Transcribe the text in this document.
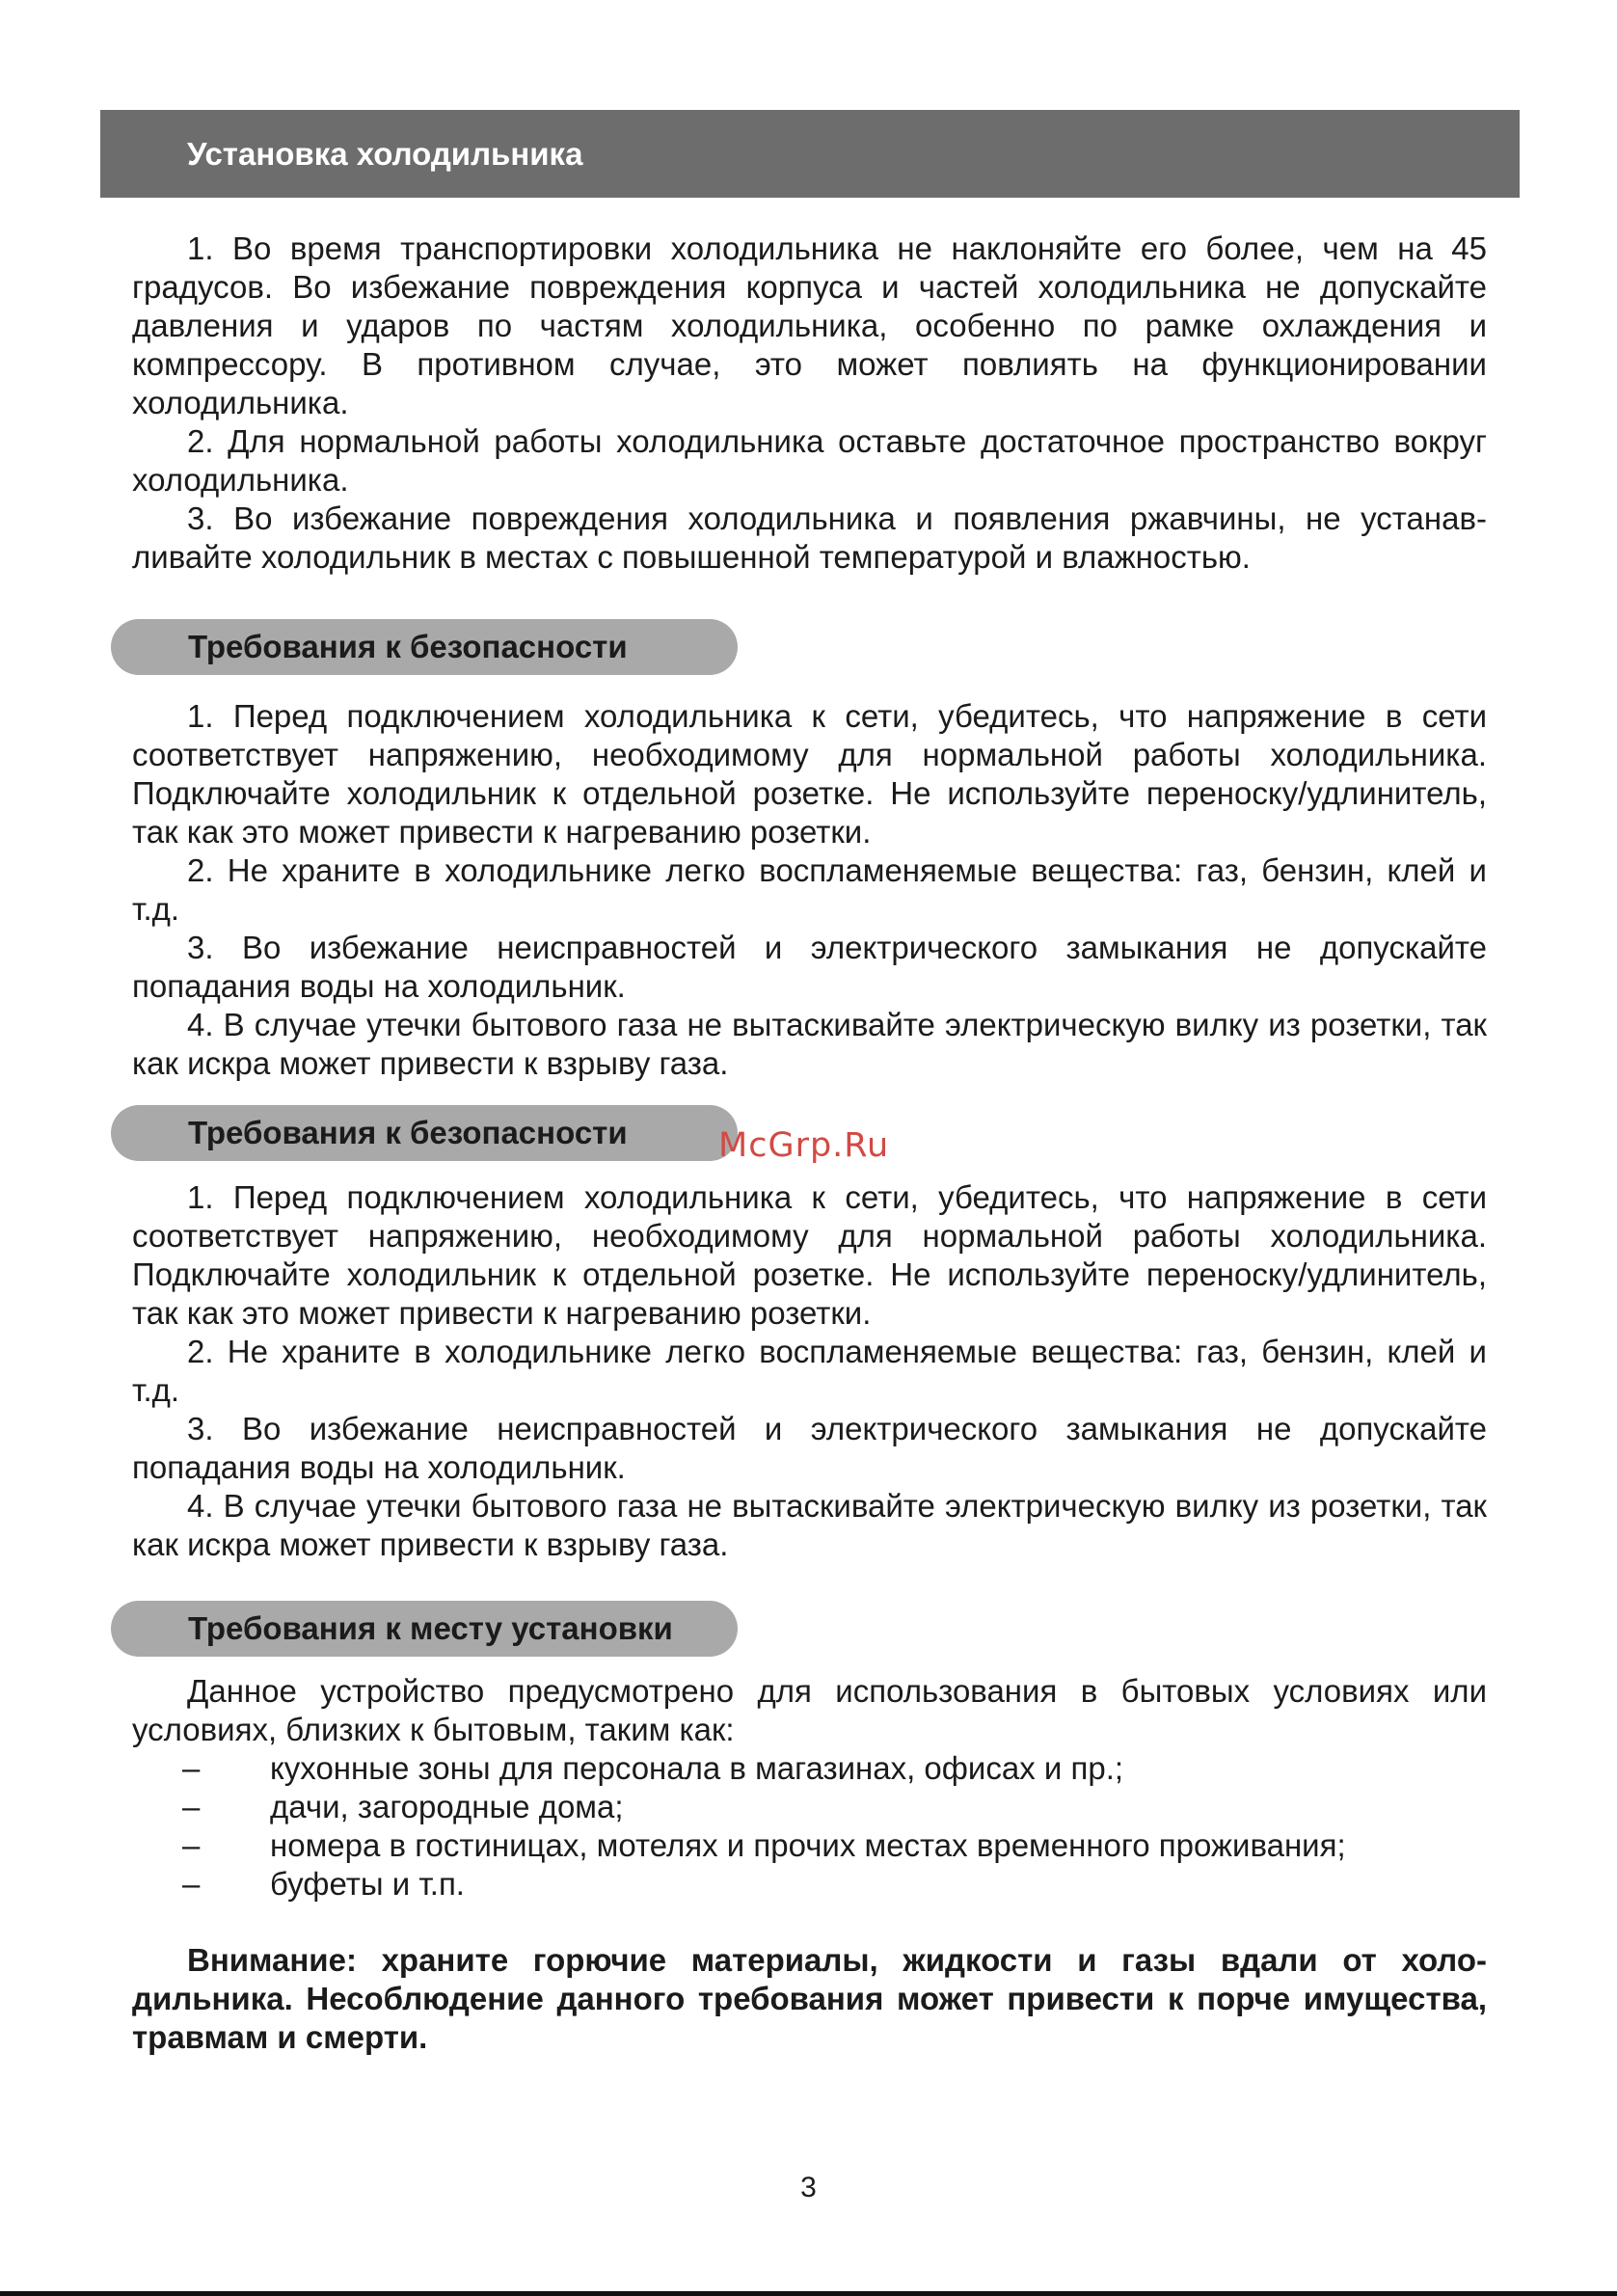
Установка холодильника

1. Во время транспортировки холодильника не наклоняйте его более, чем на 45 градусов. Во избежание повреждения корпуса и частей холодильника не допускайте давления и ударов по частям холодильника, особенно по рамке охлаждения и компрессору. В противном случае, это может повлиять на функционировании холодильника.

2. Для нормальной работы холодильника оставьте достаточное пространство вокруг холодильника.

3. Во избежание повреждения холодильника и появления ржавчины, не устанавливайте холодильник в местах с повышенной температурой и влажностью.

Требования к безопасности

1. Перед подключением холодильника к сети, убедитесь, что напряжение в сети соответствует напряжению, необходимому для нормальной работы холодильника. Подключайте холодильник к отдельной розетке. Не используйте переноску/удлинитель, так как это может привести к нагреванию розетки.

2. Не храните в холодильнике легко воспламеняемые вещества: газ, бензин, клей и т.д.

3. Во избежание неисправностей и электрического замыкания не допускайте попадания воды на холодильник.

4. В случае утечки бытового газа не вытаскивайте электрическую вилку из розетки, так как искра может привести к взрыву газа.

Требования к безопасности

1. Перед подключением холодильника к сети, убедитесь, что напряжение в сети соответствует напряжению, необходимому для нормальной работы холодильника. Подключайте холодильник к отдельной розетке. Не используйте переноску/удлинитель, так как это может привести к нагреванию розетки.

2. Не храните в холодильнике легко воспламеняемые вещества: газ, бензин, клей и т.д.

3. Во избежание неисправностей и электрического замыкания не допускайте попадания воды на холодильник.

4. В случае утечки бытового газа не вытаскивайте электрическую вилку из розетки, так как искра может привести к взрыву газа.

McGrp.Ru
Требования к месту установки

Данное устройство предусмотрено для использования в бытовых условиях или условиях, близких к бытовым, таким как:

– кухонные зоны для персонала в магазинах, офисах и пр.;
– дачи, загородные дома;
– номера в гостиницах, мотелях и прочих местах временного проживания;
– буфеты и т.п.

Внимание: храните горючие материалы, жидкости и газы вдали от холодильника. Несоблюдение данного требования может привести к порче имущества, травмам и смерти.

3
